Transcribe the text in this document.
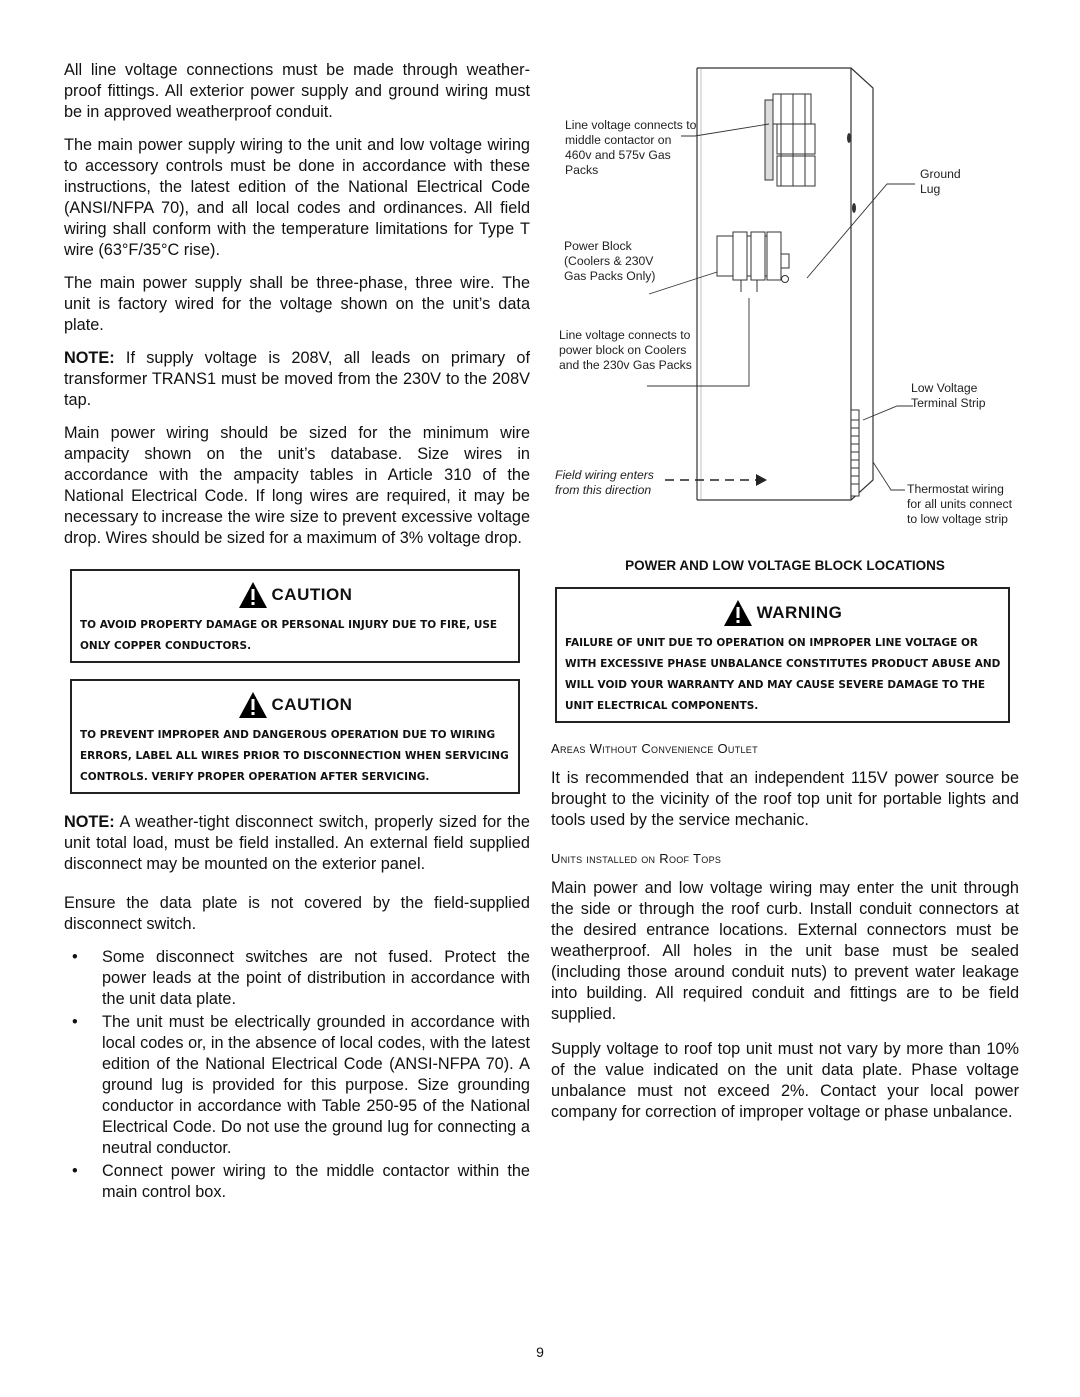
All line voltage connections must be made through weather-proof fittings. All exterior power supply and ground wiring must be in approved weatherproof conduit.

The main power supply wiring to the unit and low voltage wiring to accessory controls must be done in accordance with these instructions, the latest edition of the National Electrical Code (ANSI/NFPA 70), and all local codes and ordinances. All field wiring shall conform with the temperature limitations for Type T wire (63°F/35°C rise).

The main power supply shall be three-phase, three wire. The unit is factory wired for the voltage shown on the unit’s data plate.

NOTE: If supply voltage is 208V, all leads on primary of transformer TRANS1 must be moved from the 230V to the 208V tap.

Main power wiring should be sized for the minimum wire ampacity shown on the unit’s database. Size wires in accordance with the ampacity tables in Article 310 of the National Electrical Code. If long wires are required, it may be necessary to increase the wire size to prevent excessive voltage drop. Wires should be sized for a maximum of 3% voltage drop.

CAUTION
TO AVOID PROPERTY DAMAGE OR PERSONAL INJURY DUE TO FIRE, USE ONLY COPPER CONDUCTORS.
CAUTION
TO PREVENT IMPROPER AND DANGEROUS OPERATION DUE TO WIRING ERRORS, LABEL ALL WIRES PRIOR TO DISCONNECTION WHEN SERVICING CONTROLS. VERIFY PROPER OPERATION AFTER SERVICING.

NOTE: A weather-tight disconnect switch, properly sized for the unit total load, must be field installed. An external field supplied disconnect may be mounted on the exterior panel.

Ensure the data plate is not covered by the field-supplied disconnect switch.

• Some disconnect switches are not fused. Protect the power leads at the point of distribution in accordance with the unit data plate.
• The unit must be electrically grounded in accordance with local codes or, in the absence of local codes, with the latest edition of the National Electrical Code (ANSI-NFPA 70). A ground lug is provided for this purpose. Size grounding conductor in accordance with Table 250-95 of the National Electrical Code. Do not use the ground lug for connecting a neutral conductor.
• Connect power wiring to the middle contactor within the main control box.
Line voltage connects to middle contactor on 460v and 575v Gas Packs	Ground Lug
Power Block (Coolers & 230V Gas Packs Only)
Line voltage connects to power block on Coolers and the 230v Gas Packs
Low Voltage Terminal Strip
Field wiring enters from this direction	Thermostat wiring for all units connect to low voltage strip
POWER AND LOW VOLTAGE BLOCK LOCATIONS
WARNING
FAILURE OF UNIT DUE TO OPERATION ON IMPROPER LINE VOLTAGE OR WITH EXCESSIVE PHASE UNBALANCE CONSTITUTES PRODUCT ABUSE AND WILL VOID YOUR WARRANTY AND MAY CAUSE SEVERE DAMAGE TO THE UNIT ELECTRICAL COMPONENTS.
Areas Without Convenience Outlet

It is recommended that an independent 115V power source be brought to the vicinity of the roof top unit for portable lights and tools used by the service mechanic.

Units installed on Roof Tops

Main power and low voltage wiring may enter the unit through the side or through the roof curb. Install conduit connectors at the desired entrance locations. External connectors must be weatherproof. All holes in the unit base must be sealed (including those around conduit nuts) to prevent water leakage into building. All required conduit and fittings are to be field supplied.

Supply voltage to roof top unit must not vary by more than 10% of the value indicated on the unit data plate. Phase voltage unbalance must not exceed 2%. Contact your local power company for correction of improper voltage or phase unbalance.

9
